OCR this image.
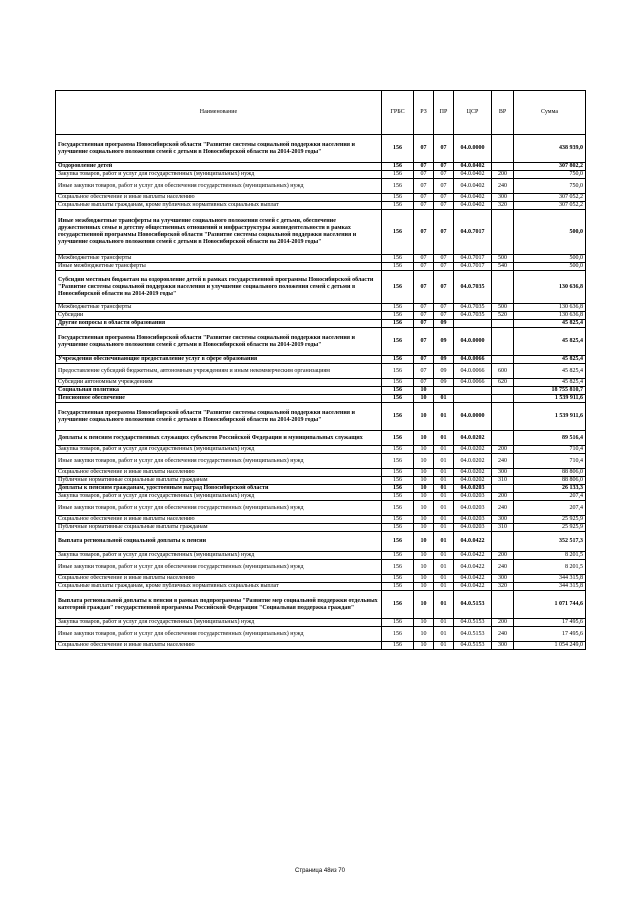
Наименование	ГРБС	РЗ	ПР	ЦСР	ВР	Сумма
Государственная программа Новосибирской области "Развитие системы социальной поддержки населения и улучшение социального положения семей с детьми в Новосибирской области на 2014-2019 годы"	156	07	07	04.0.0000		438 939,0
Оздоровление детей	156	07	07	04.0.0402		307 802,2
Закупка товаров, работ и услуг для государственных (муниципальных) нужд	156	07	07	04.0.0402	200	750,0
Иные закупки товаров, работ и услуг для обеспечения государственных (муниципальных) нужд	156	07	07	04.0.0402	240	750,0
Социальное обеспечение и иные выплаты населению	156	07	07	04.0.0402	300	307 052,2
Социальные выплаты гражданам, кроме публичных нормативных социальных выплат	156	07	07	04.0.0402	320	307 052,2
Иные межбюджетные трансферты на улучшение социального положения семей с детьми, обеспечение дружественных семье и детству общественных отношений и инфраструктуры жизнедеятельности в рамках государственной программы Новосибирской области "Развитие системы социальной поддержки населения и улучшение социального положения семей с детьми в Новосибирской области на 2014-2019 годы"	156	07	07	04.0.7017		500,0
Межбюджетные трансферты	156	07	07	04.0.7017	500	500,0
Иные межбюджетные трансферты	156	07	07	04.0.7017	540	500,0
Субсидии местным бюджетам на оздоровление детей в рамках государственной программы Новосибирской области "Развитие системы социальной поддержки населения и улучшение социального положения семей с детьми в Новосибирской области на 2014-2019 годы"	156	07	07	04.0.7035		130 636,8
Межбюджетные трансферты	156	07	07	04.0.7035	500	130 636,8
Субсидии	156	07	07	04.0.7035	520	130 636,8
Другие вопросы в области образования	156	07	09			45 825,4
Государственная программа Новосибирской области "Развитие системы социальной поддержки населения и улучшение социального положения семей с детьми в Новосибирской области на 2014-2019 годы"	156	07	09	04.0.0000		45 825,4
Учреждения обеспечивающие предоставление услуг в сфере образования	156	07	09	04.0.0066		45 825,4
Предоставление субсидий бюджетным, автономным учреждениям и иным некоммерческим организациям	156	07	09	04.0.0066	600	45 825,4
Субсидии автономным учреждениям	156	07	09	04.0.0066	620	45 825,4
Социальная политика	156	10				18 755 810,7
Пенсионное обеспечение	156	10	01			1 539 911,6
Государственная программа Новосибирской области "Развитие системы социальной поддержки населения и улучшение социального положения семей с детьми в Новосибирской области на 2014-2019 годы"	156	10	01	04.0.0000		1 539 911,6
Доплаты к пенсиям государственных служащих субъектов Российской Федерации и муниципальных служащих	156	10	01	04.0.0202		89 516,4
Закупка товаров, работ и услуг для государственных (муниципальных) нужд	156	10	01	04.0.0202	200	710,4
Иные закупки товаров, работ и услуг для обеспечения государственных (муниципальных) нужд	156	10	01	04.0.0202	240	710,4
Социальное обеспечение и иные выплаты населению	156	10	01	04.0.0202	300	88 806,0
Публичные нормативные социальные выплаты гражданам	156	10	01	04.0.0202	310	88 806,0
Доплаты к пенсиям гражданам, удостоенным наград Новосибирской области	156	10	01	04.0.0203		26 133,3
Закупка товаров, работ и услуг для государственных (муниципальных) нужд	156	10	01	04.0.0203	200	207,4
Иные закупки товаров, работ и услуг для обеспечения государственных (муниципальных) нужд	156	10	01	04.0.0203	240	207,4
Социальное обеспечение и иные выплаты населению	156	10	01	04.0.0203	300	25 925,9
Публичные нормативные социальные выплаты гражданам	156	10	01	04.0.0203	310	25 925,9
Выплата региональной социальной доплаты к пенсии	156	10	01	04.0.0422		352 517,3
Закупка товаров, работ и услуг для государственных (муниципальных) нужд	156	10	01	04.0.0422	200	8 201,5
Иные закупки товаров, работ и услуг для обеспечения государственных (муниципальных) нужд	156	10	01	04.0.0422	240	8 201,5
Социальное обеспечение и иные выплаты населению	156	10	01	04.0.0422	300	344 315,8
Социальные выплаты гражданам, кроме публичных нормативных социальных выплат	156	10	01	04.0.0422	320	344 315,8
Выплата региональной доплаты к пенсии в рамках подпрограммы "Развитие мер социальной поддержки отдельных категорий граждан" государственной программы Российской Федерации "Социальная поддержка граждан"	156	10	01	04.0.5153		1 071 744,6
Закупка товаров, работ и услуг для государственных (муниципальных) нужд	156	10	01	04.0.5153	200	17 495,6
Иные закупки товаров, работ и услуг для обеспечения государственных (муниципальных) нужд	156	10	01	04.0.5153	240	17 495,6
Социальное обеспечение и иные выплаты населению	156	10	01	04.0.5153	300	1 054 249,0
Страница 48из 70
